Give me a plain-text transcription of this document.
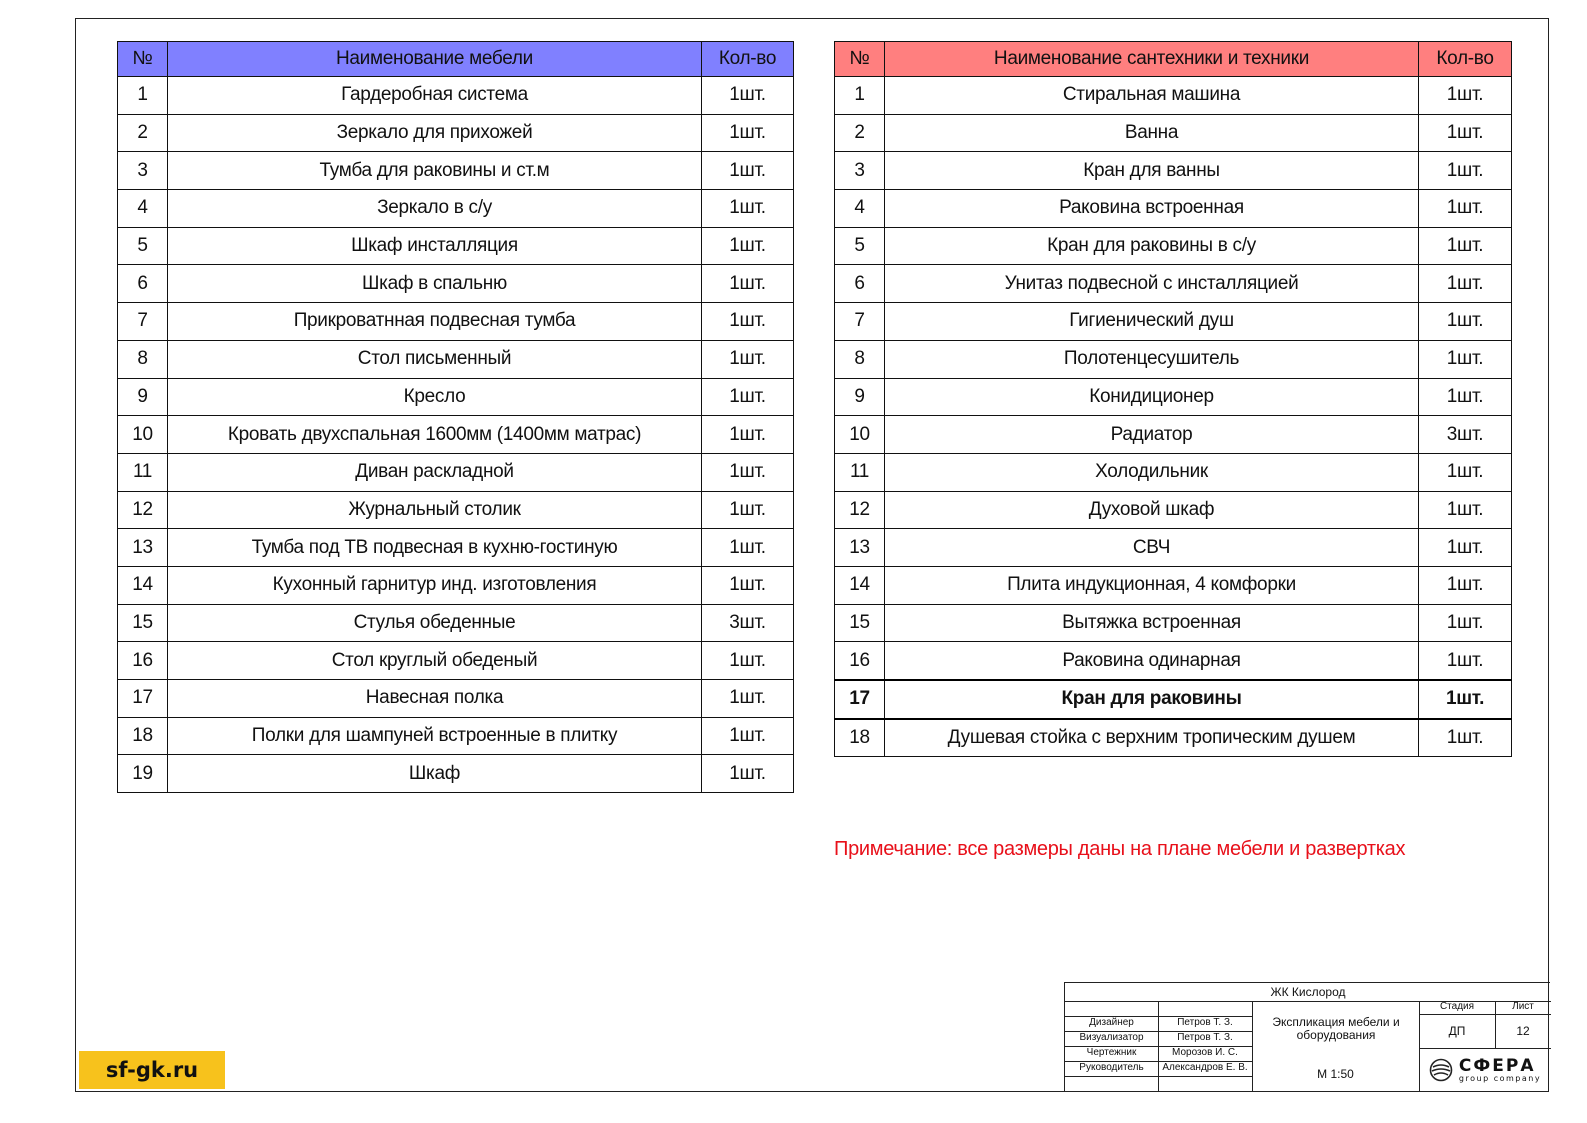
№	Наименование мебели	Кол-во
1	Гардеробная система	1шт.
2	Зеркало для прихожей	1шт.
3	Тумба для раковины и ст.м	1шт.
4	Зеркало в с/у	1шт.
5	Шкаф инсталляция	1шт.
6	Шкаф в спальню	1шт.
7	Прикроватнная подвесная тумба	1шт.
8	Стол письменный	1шт.
9	Кресло	1шт.
10	Кровать двухспальная 1600мм (1400мм матрас)	1шт.
11	Диван раскладной	1шт.
12	Журнальный столик	1шт.
13	Тумба под ТВ подвесная в кухню-гостиную	1шт.
14	Кухонный гарнитур инд. изготовления	1шт.
15	Стулья обеденные	3шт.
16	Стол круглый обеденый	1шт.
17	Навесная полка	1шт.
18	Полки для шампуней встроенные в плитку	1шт.
19	Шкаф	1шт.
№	Наименование сантехники и техники	Кол-во
1	Стиральная машина	1шт.
2	Ванна	1шт.
3	Кран для ванны	1шт.
4	Раковина встроенная	1шт.
5	Кран для раковины в с/у	1шт.
6	Унитаз подвесной с инсталляцией	1шт.
7	Гигиенический душ	1шт.
8	Полотенцесушитель	1шт.
9	Конидиционер	1шт.
10	Радиатор	3шт.
11	Холодильник	1шт.
12	Духовой шкаф	1шт.
13	СВЧ	1шт.
14	Плита индукционная, 4 комфорки	1шт.
15	Вытяжка встроенная	1шт.
16	Раковина одинарная	1шт.
17	Кран для раковины	1шт.
18	Душевая стойка с верхним тропическим душем	1шт.
Примечание: все размеры даны на плане мебели и развертках
ЖК Кислород
Дизайнер	Петров Т. З.
Визуализатор	Петров Т. З.
Чертежник	Морозов И. С.
Руководитель	Александров Е. В.
Экспликация мебели и оборудования
М 1:50
Стадия	Лист
ДП	12
СФЕРА
group company
sf-gk.ru
